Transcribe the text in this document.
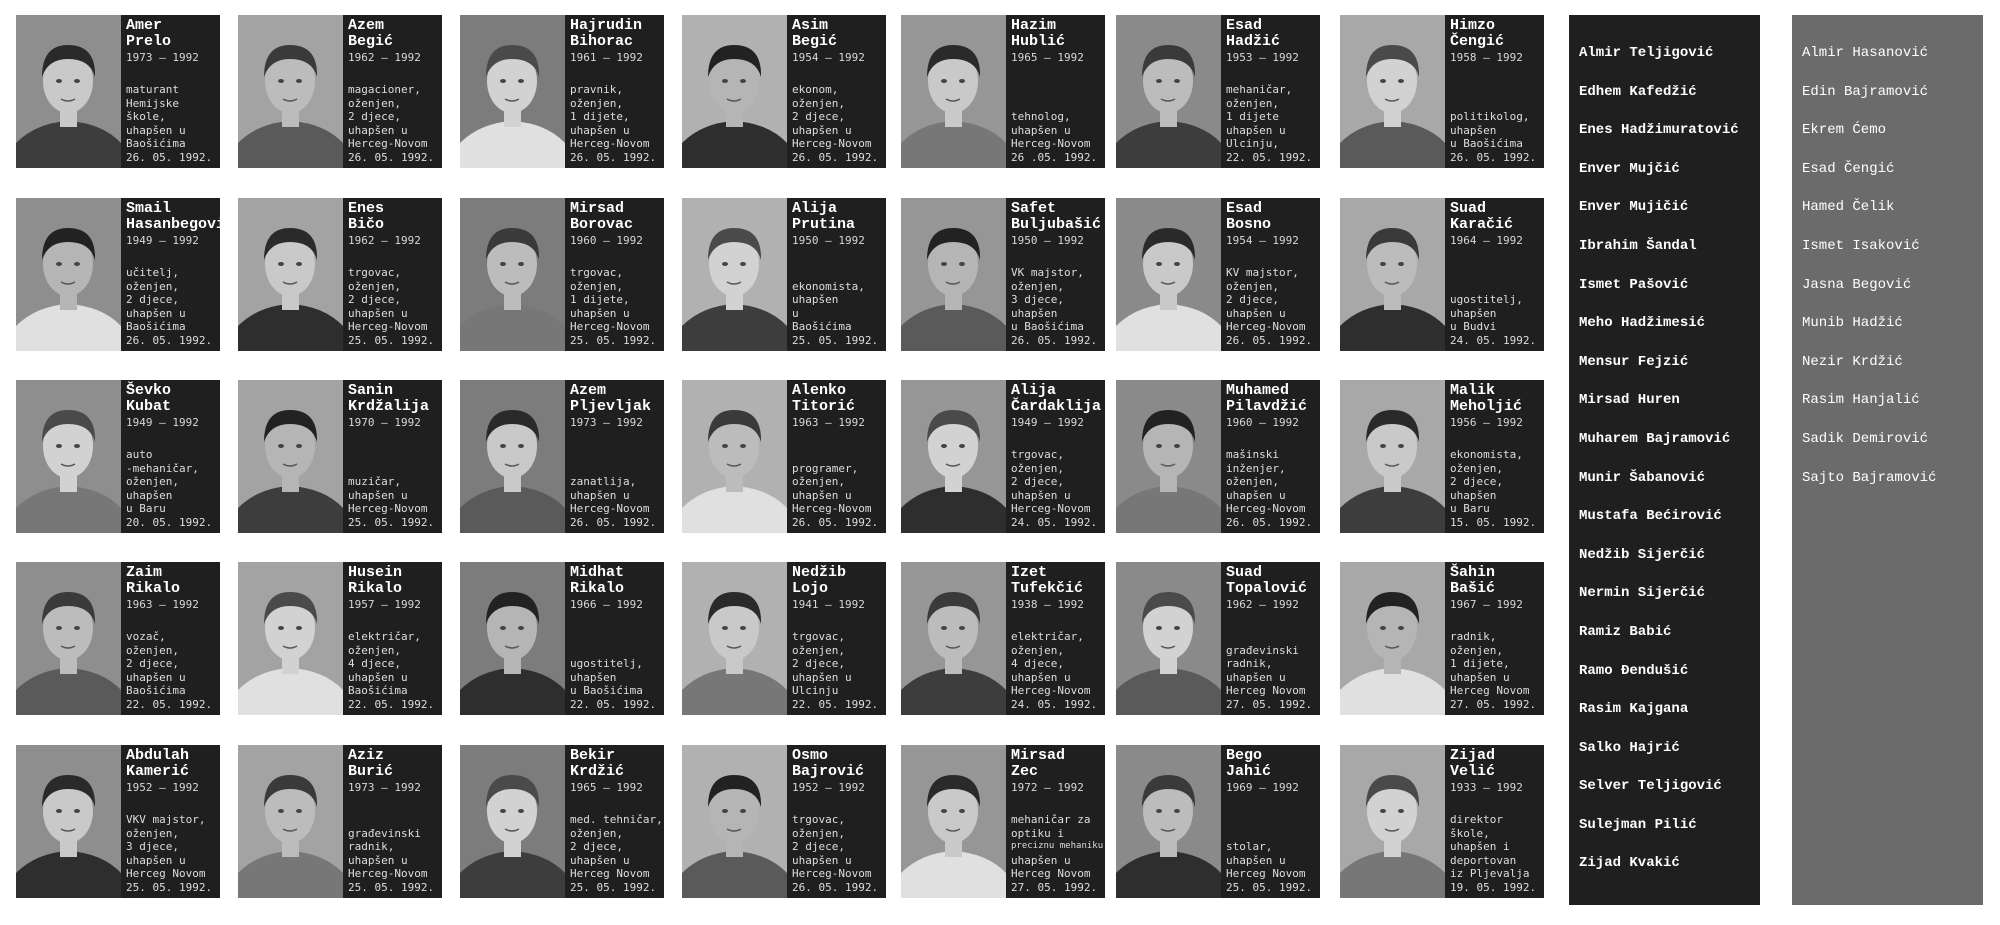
Amer
Prelo
1973 – 1992
maturant
Hemijske
škole,
uhapšen u
Baošićima
26. 05. 1992.
Azem
Begić
1962 – 1992
magacioner,
oženjen,
2 djece,
uhapšen u
Herceg-Novom
26. 05. 1992.
Hajrudin
Bihorac
1961 – 1992
pravnik,
oženjen,
1 dijete,
uhapšen u
Herceg-Novom
26. 05. 1992.
Asim
Begić
1954 – 1992
ekonom,
oženjen,
2 djece,
uhapšen u
Herceg-Novom
26. 05. 1992.
Hazim
Hublić
1965 – 1992
tehnolog,
uhapšen u
Herceg-Novom
26 .05. 1992.
Esad
Hadžić
1953 – 1992
mehaničar,
oženjen,
1 dijete
uhapšen u
Ulcinju,
22. 05. 1992.
Himzo
Čengić
1958 – 1992
politikolog,
uhapšen
u Baošićima
26. 05. 1992.
Smail
Hasanbegović
1949 – 1992
učitelj,
oženjen,
2 djece,
uhapšen u
Baošićima
26. 05. 1992.
Enes
Bičo
1962 – 1992
trgovac,
oženjen,
2 djece,
uhapšen u
Herceg-Novom
25. 05. 1992.
Mirsad
Borovac
1960 – 1992
trgovac,
oženjen,
1 dijete,
uhapšen u
Herceg-Novom
25. 05. 1992.
Alija
Prutina
1950 – 1992
ekonomista,
uhapšen
u
Baošićima
25. 05. 1992.
Safet
Buljubašić
1950 – 1992
VK majstor,
oženjen,
3 djece,
uhapšen
u Baošićima
26. 05. 1992.
Esad
Bosno
1954 – 1992
KV majstor,
oženjen,
2 djece,
uhapšen u
Herceg-Novom
26. 05. 1992.
Suad
Karačić
1964 – 1992
ugostitelj,
uhapšen
u Budvi
24. 05. 1992.
Ševko
Kubat
1949 – 1992
auto
-mehaničar,
oženjen,
uhapšen
u Baru
20. 05. 1992.
Sanin
Krdžalija
1970 – 1992
muzičar,
uhapšen u
Herceg-Novom
25. 05. 1992.
Azem
Pljevljak
1973 – 1992
zanatlija,
uhapšen u
Herceg-Novom
26. 05. 1992.
Alenko
Titorić
1963 – 1992
programer,
oženjen,
uhapšen u
Herceg-Novom
26. 05. 1992.
Alija
Čardaklija
1949 – 1992
trgovac,
oženjen,
2 djece,
uhapšen u
Herceg-Novom
24. 05. 1992.
Muhamed
Pilavdžić
1960 – 1992
mašinski
inženjer,
oženjen,
uhapšen u
Herceg-Novom
26. 05. 1992.
Malik
Meholjić
1956 – 1992
ekonomista,
oženjen,
2 djece,
uhapšen
u Baru
15. 05. 1992.
Zaim
Rikalo
1963 – 1992
vozač,
oženjen,
2 djece,
uhapšen u
Baošićima
22. 05. 1992.
Husein
Rikalo
1957 – 1992
električar,
oženjen,
4 djece,
uhapšen u
Baošićima
22. 05. 1992.
Midhat
Rikalo
1966 – 1992
ugostitelj,
uhapšen
u Baošićima
22. 05. 1992.
Nedžib
Lojo
1941 – 1992
trgovac,
oženjen,
2 djece,
uhapšen u
Ulcinju
22. 05. 1992.
Izet
Tufekčić
1938 – 1992
električar,
oženjen,
4 djece,
uhapšen u
Herceg-Novom
24. 05. 1992.
Suad
Topalović
1962 – 1992
građevinski
radnik,
uhapšen u
Herceg Novom
27. 05. 1992.
Šahin
Bašić
1967 – 1992
radnik,
oženjen,
1 dijete,
uhapšen u
Herceg Novom
27. 05. 1992.
Abdulah
Kamerić
1952 – 1992
VKV majstor,
oženjen,
3 djece,
uhapšen u
Herceg Novom
25. 05. 1992.
Aziz
Burić
1973 – 1992
građevinski
radnik,
uhapšen u
Herceg-Novom
25. 05. 1992.
Bekir
Krdžić
1965 – 1992
med. tehničar,
oženjen,
2 djece,
uhapšen u
Herceg Novom
25. 05. 1992.
Osmo
Bajrović
1952 – 1992
trgovac,
oženjen,
2 djece,
uhapšen u
Herceg-Novom
26. 05. 1992.
Mirsad
Zec
1972 – 1992
mehaničar za
optiku i
preciznu mehaniku
uhapšen u
Herceg Novom
27. 05. 1992.
Bego
Jahić
1969 – 1992
stolar,
uhapšen u
Herceg Novom
25. 05. 1992.
Zijad
Velić
1933 – 1992
direktor
škole,
uhapšen i
deportovan
iz Pljevalja
19. 05. 1992.
Almir Teljigović
Edhem Kafedžić
Enes Hadžimuratović
Enver Mujčić
Enver Mujičić
Ibrahim Šandal
Ismet Pašović
Meho Hadžimesić
Mensur Fejzić
Mirsad Huren
Muharem Bajramović
Munir Šabanović
Mustafa Bećirović
Nedžib Sijerčić
Nermin Sijerčić
Ramiz Babić
Ramo Đendušić
Rasim Kajgana
Salko Hajrić
Selver Teljigović
Sulejman Pilić
Zijad Kvakić
Almir Hasanović
Edin Bajramović
Ekrem Ćemo
Esad Čengić
Hamed Čelik
Ismet Isaković
Jasna Begović
Munib Hadžić
Nezir Krdžić
Rasim Hanjalić
Sadik Demirović
Sajto Bajramović
